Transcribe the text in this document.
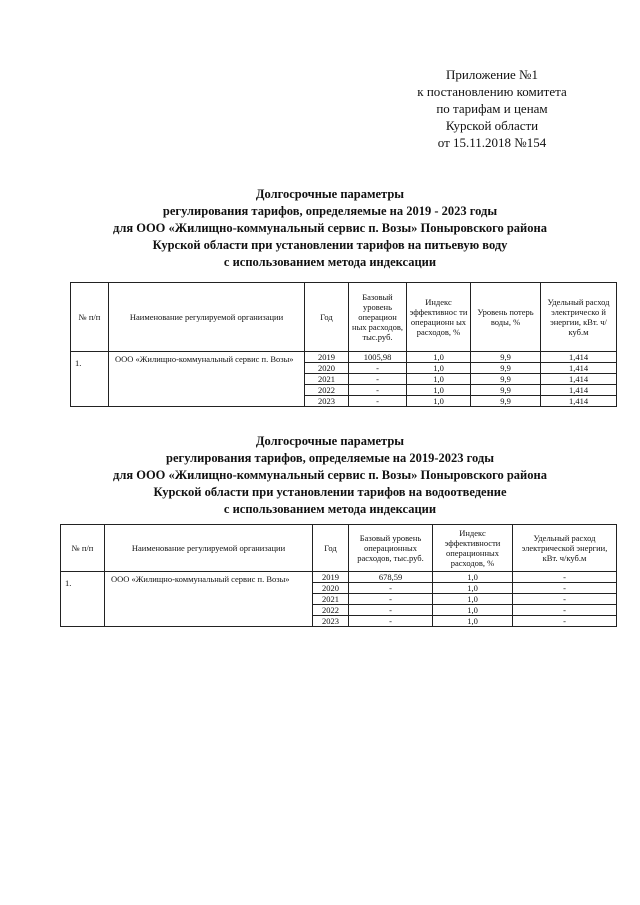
Приложение №1
к постановлению комитета
по тарифам и ценам
Курской области
от 15.11.2018 №154
Долгосрочные параметры
регулирования тарифов, определяемые на 2019 - 2023 годы
для ООО «Жилищно-коммунальный сервис п. Возы» Поныровского района
Курской области при установлении тарифов на питьевую воду
с использованием метода индексации
№ п/п	Наименование регулируемой организации	Год	Базовый уровень операцион ных расходов, тыс.руб.	Индекс эффективнос ти операционн ых расходов, %	Уровень потерь воды, %	Удельный расход электрическо й энергии, кВт. ч/куб.м
1.	ООО «Жилищно-коммунальный сервис п. Возы»	2019	1005,98	1,0	9,9	1,414
		2020	-	1,0	9,9	1,414
		2021	-	1,0	9,9	1,414
		2022	-	1,0	9,9	1,414
		2023	-	1,0	9,9	1,414
Долгосрочные параметры
регулирования тарифов, определяемые на 2019-2023 годы
для ООО «Жилищно-коммунальный сервис п. Возы» Поныровского района
Курской области при установлении тарифов на водоотведение
с использованием метода индексации
№ п/п	Наименование регулируемой организации	Год	Базовый уровень операционных расходов, тыс.руб.	Индекс эффективности операционных расходов, %	Удельный расход электрической энергии, кВт. ч/куб.м
1.	ООО «Жилищно-коммунальный сервис п. Возы»	2019	678,59	1,0	-
		2020	-	1,0	-
		2021	-	1,0	-
		2022	-	1,0	-
		2023	-	1,0	-
